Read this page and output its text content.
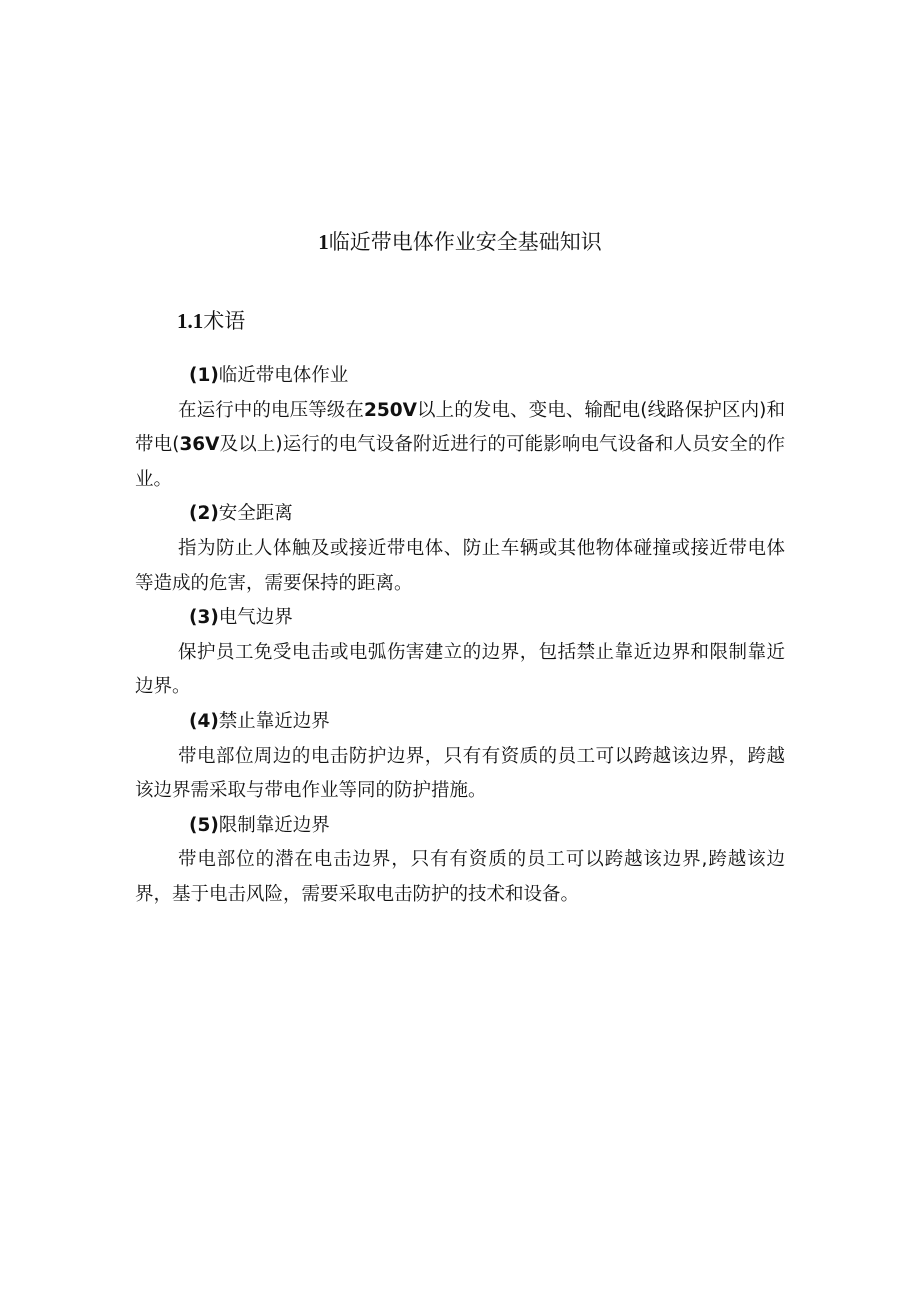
1临近带电体作业安全基础知识
1.1术语

(1)临近带电体作业

在运行中的电压等级在250V以上的发电、变电、输配电(线路保护区内)和带电(36V及以上)运行的电气设备附近进行的可能影响电气设备和人员安全的作业。

(2)安全距离

指为防止人体触及或接近带电体、防止车辆或其他物体碰撞或接近带电体等造成的危害，需要保持的距离。

(3)电气边界

保护员工免受电击或电弧伤害建立的边界，包括禁止靠近边界和限制靠近边界。

(4)禁止靠近边界

带电部位周边的电击防护边界，只有有资质的员工可以跨越该边界，跨越该边界需采取与带电作业等同的防护措施。

(5)限制靠近边界

带电部位的潜在电击边界，只有有资质的员工可以跨越该边界,跨越该边界，基于电击风险，需要采取电击防护的技术和设备。
